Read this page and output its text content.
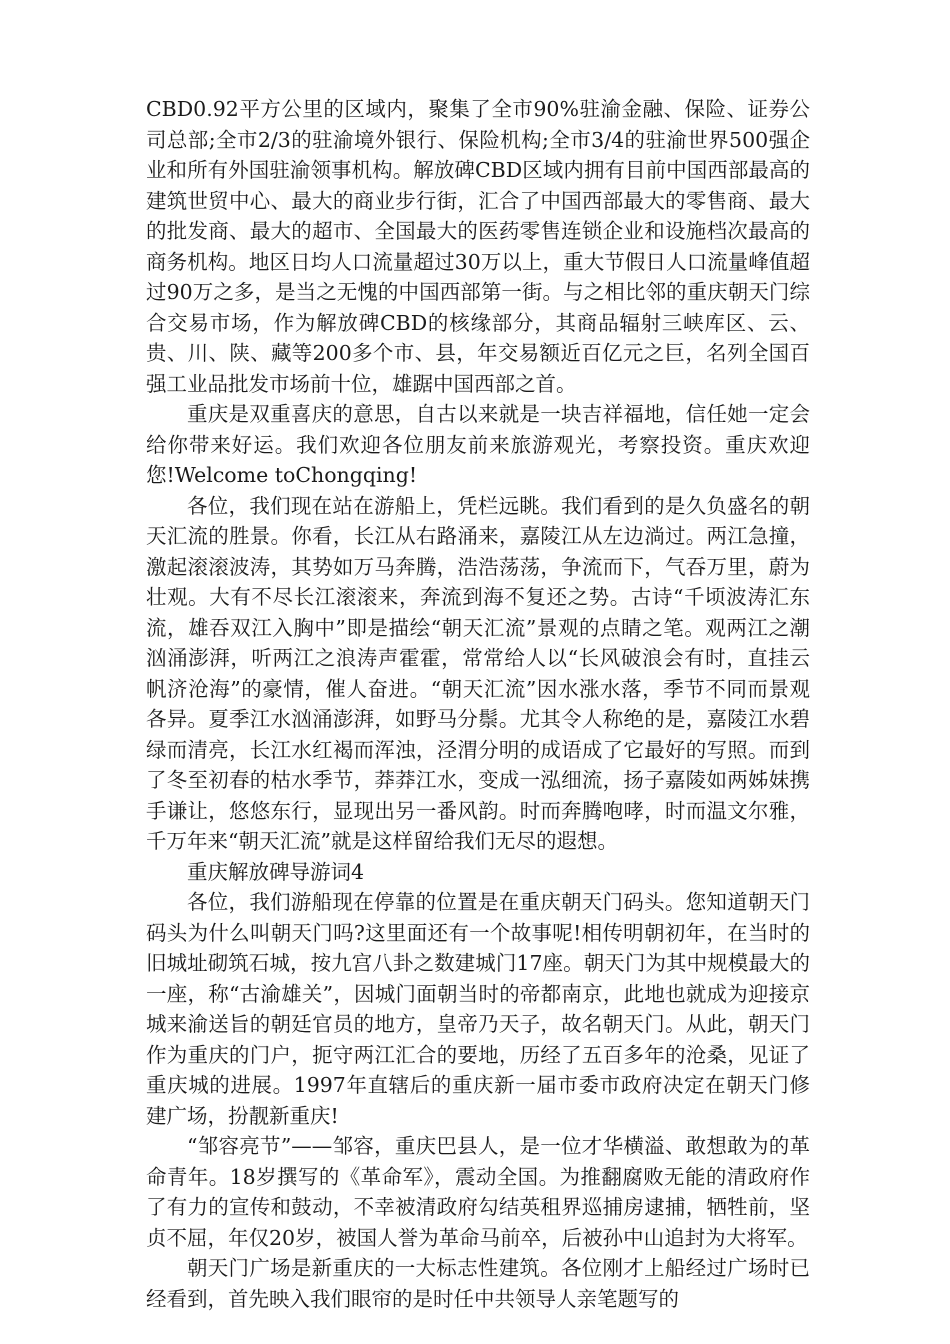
CBD0.92平方公里的区域内，聚集了全市90%驻渝金融、保险、证券公司总部;全市2/3的驻渝境外银行、保险机构;全市3/4的驻渝世界500强企业和所有外国驻渝领事机构。解放碑CBD区域内拥有目前中国西部最高的建筑世贸中心、最大的商业步行街，汇合了中国西部最大的零售商、最大的批发商、最大的超市、全国最大的医药零售连锁企业和设施档次最高的商务机构。地区日均人口流量超过30万以上，重大节假日人口流量峰值超过90万之多，是当之无愧的中国西部第一街。与之相比邻的重庆朝天门综合交易市场，作为解放碑CBD的核缘部分，其商品辐射三峡库区、云、贵、川、陕、藏等200多个市、县，年交易额近百亿元之巨，名列全国百强工业品批发市场前十位，雄踞中国西部之首。

重庆是双重喜庆的意思，自古以来就是一块吉祥福地，信任她一定会给你带来好运。我们欢迎各位朋友前来旅游观光，考察投资。重庆欢迎您!Welcome toChongqing!

各位，我们现在站在游船上，凭栏远眺。我们看到的是久负盛名的朝天汇流的胜景。你看，长江从右路涌来，嘉陵江从左边淌过。两江急撞，激起滚滚波涛，其势如万马奔腾，浩浩荡荡，争流而下，气吞万里，蔚为壮观。大有不尽长江滚滚来，奔流到海不复还之势。古诗“千顷波涛汇东流，雄吞双江入胸中”即是描绘“朝天汇流”景观的点睛之笔。观两江之潮汹涌澎湃，听两江之浪涛声霍霍，常常给人以“长风破浪会有时，直挂云帆济沧海”的豪情，催人奋进。“朝天汇流”因水涨水落，季节不同而景观各异。夏季江水汹涌澎湃，如野马分鬃。尤其令人称绝的是，嘉陵江水碧绿而清亮，长江水红褐而浑浊，泾渭分明的成语成了它最好的写照。而到了冬至初春的枯水季节，莽莽江水，变成一泓细流，扬子嘉陵如两姊妹携手谦让，悠悠东行，显现出另一番风韵。时而奔腾咆哮，时而温文尔雅，千万年来“朝天汇流”就是这样留给我们无尽的遐想。

重庆解放碑导游词4

各位，我们游船现在停靠的位置是在重庆朝天门码头。您知道朝天门码头为什么叫朝天门吗?这里面还有一个故事呢!相传明朝初年，在当时的旧城址砌筑石城，按九宫八卦之数建城门17座。朝天门为其中规模最大的一座，称“古渝雄关”，因城门面朝当时的帝都南京，此地也就成为迎接京城来渝送旨的朝廷官员的地方，皇帝乃天子，故名朝天门。从此，朝天门作为重庆的门户，扼守两江汇合的要地，历经了五百多年的沧桑，见证了重庆城的进展。1997年直辖后的重庆新一届市委市政府决定在朝天门修建广场，扮靓新重庆!

“邹容亮节”——邹容，重庆巴县人，是一位才华横溢、敢想敢为的革命青年。18岁撰写的《革命军》，震动全国。为推翻腐败无能的清政府作了有力的宣传和鼓动，不幸被清政府勾结英租界巡捕房逮捕，牺牲前，坚贞不屈，年仅20岁，被国人誉为革命马前卒，后被孙中山追封为大将军。

朝天门广场是新重庆的一大标志性建筑。各位刚才上船经过广场时已经看到，首先映入我们眼帘的是时任中共领导人亲笔题写的
